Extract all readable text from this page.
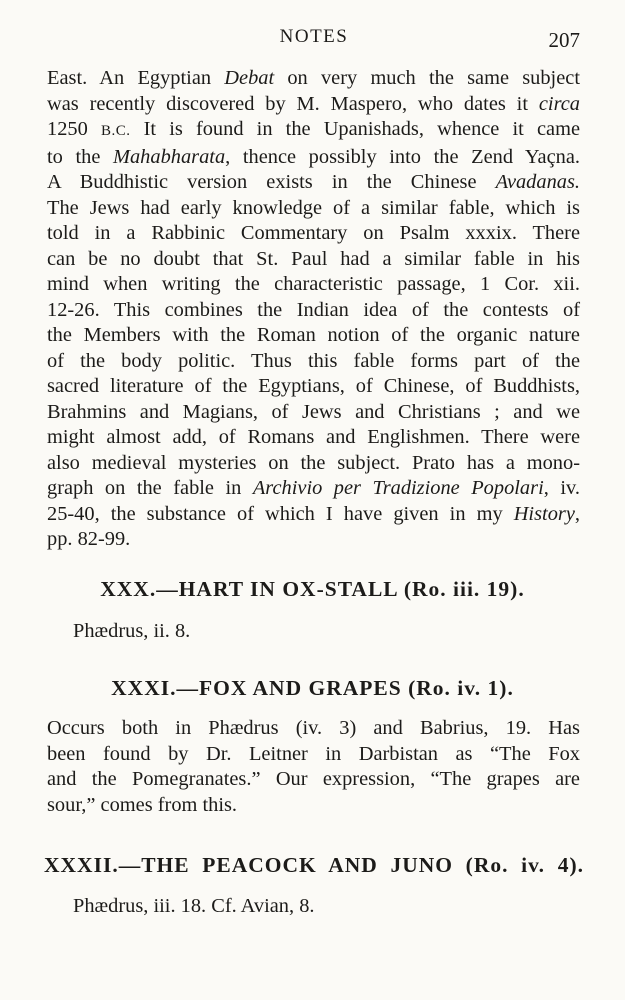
NOTES	207
East. An Egyptian Debat on very much the same subject
was recently discovered by M. Maspero, who dates it circa
1250 B.C. It is found in the Upanishads, whence it came
to the Mahabharata, thence possibly into the Zend Yaçna.
A Buddhistic version exists in the Chinese Avadanas.
The Jews had early knowledge of a similar fable, which is
told in a Rabbinic Commentary on Psalm xxxix. There
can be no doubt that St. Paul had a similar fable in his
mind when writing the characteristic passage, 1 Cor. xii.
12-26. This combines the Indian idea of the contests of
the Members with the Roman notion of the organic nature
of the body politic. Thus this fable forms part of the
sacred literature of the Egyptians, of Chinese, of Buddhists,
Brahmins and Magians, of Jews and Christians ; and we
might almost add, of Romans and Englishmen. There were
also medieval mysteries on the subject. Prato has a mono-
graph on the fable in Archivio per Tradizione Popolari, iv.
25-40, the substance of which I have given in my History,
pp. 82-99.
XXX.—HART IN OX-STALL (Ro. iii. 19).

Phædrus, ii. 8.

XXXI.—FOX AND GRAPES (Ro. iv. 1).
Occurs both in Phædrus (iv. 3) and Babrius, 19. Has
been found by Dr. Leitner in Darbistan as “The Fox
and the Pomegranates.” Our expression, “The grapes are
sour,” comes from this.
XXXII.—THE PEACOCK AND JUNO (Ro. iv. 4).

Phædrus, iii. 18. Cf. Avian, 8.
